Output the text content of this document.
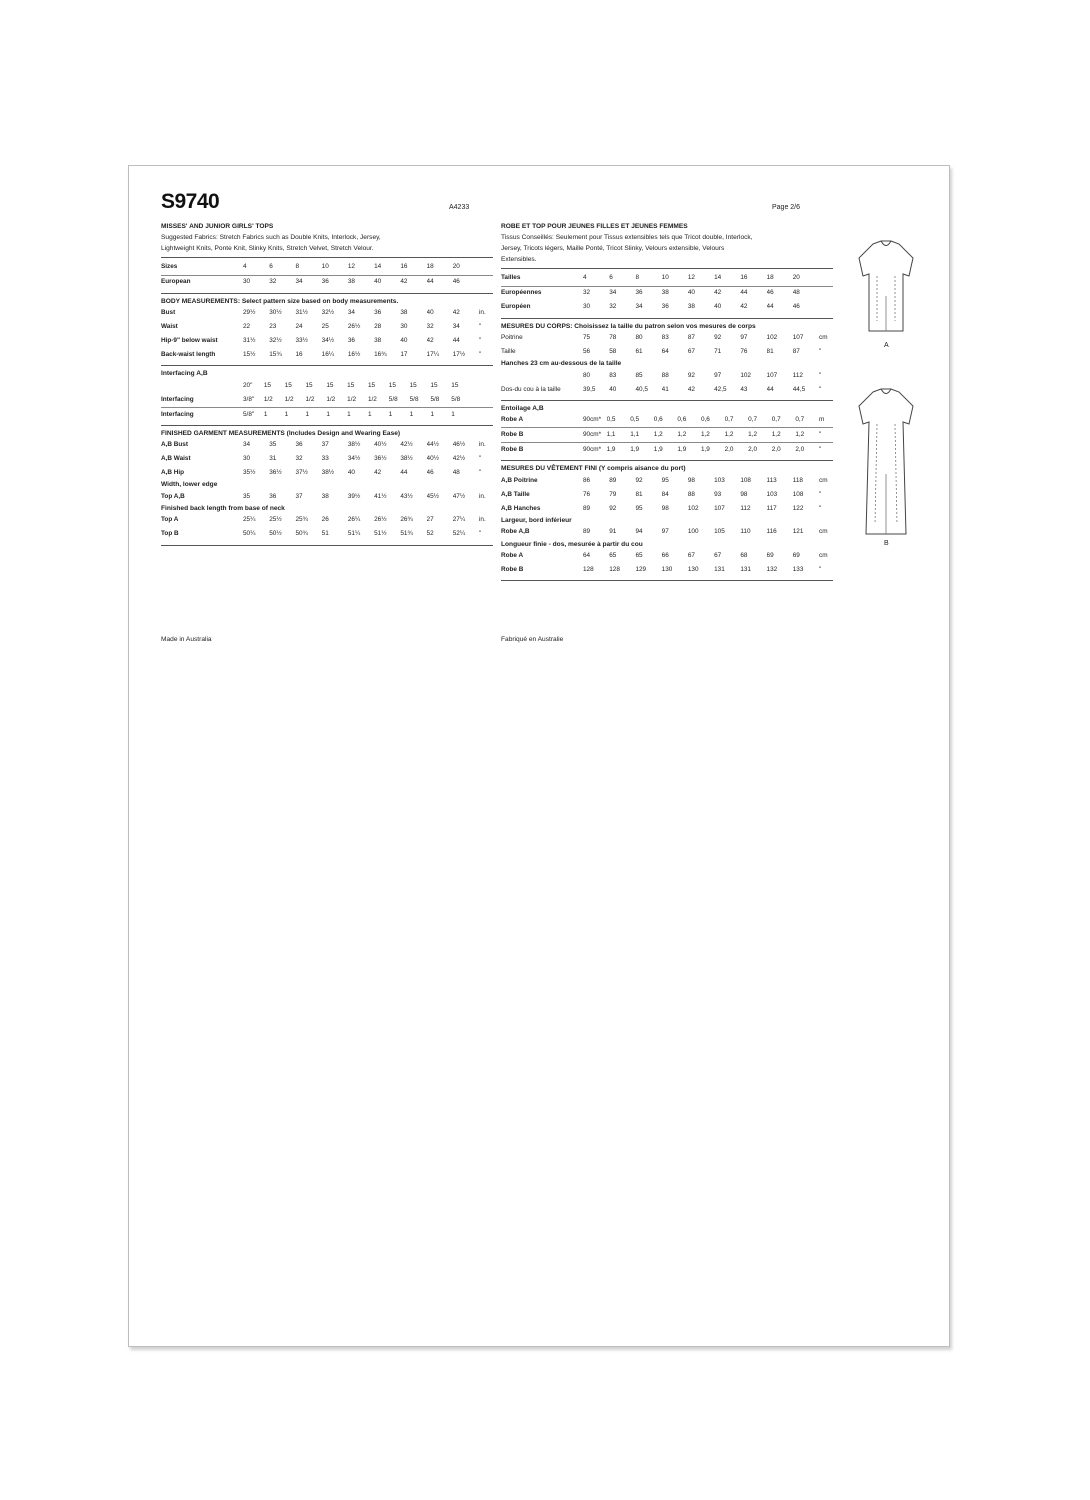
S9740	A4233	Page 2/6
MISSES' AND JUNIOR GIRLS' TOPS
Suggested Fabrics: Stretch Fabrics such as Double Knits, Interlock, Jersey,
Lightweight Knits, Ponte Knit, Slinky Knits, Stretch Velvet, Stretch Velour.
Sizes	4	6	8	10	12	14	16	18	20	
European	30	32	34	36	38	40	42	44	46	
BODY MEASUREMENTS: Select pattern size based on body measurements.
Bust	29½	30½	31½	32½	34	36	38	40	42	in.
Waist	22	23	24	25	26½	28	30	32	34	"
Hip-9" below waist	31½	32½	33½	34½	36	38	40	42	44	"
Back-waist length	15½	15¾	16	16¼	16½	16¾	17	17¼	17½	"
Interfacing A,B
	20"	15	15	15	15	15	15	15	15	15	15	
Interfacing	3/8"	1/2	1/2	1/2	1/2	1/2	1/2	5/8	5/8	5/8	5/8	
Interfacing	5/8"	1	1	1	1	1	1	1	1	1	1	
FINISHED GARMENT MEASUREMENTS (Includes Design and Wearing Ease)
A,B Bust	34	35	36	37	38½	40½	42½	44½	46½	in.
A,B Waist	30	31	32	33	34½	36½	38½	40½	42½	"
A,B Hip	35½	36½	37½	38½	40	42	44	46	48	"
Width, lower edge
Top A,B	35	36	37	38	39½	41½	43½	45½	47½	in.
Finished back length from base of neck
Top A	25¼	25½	25¾	26	26¼	26½	26¾	27	27¼	in.
Top B	50¼	50½	50¾	51	51¼	51½	51¾	52	52¼	"
ROBE ET TOP POUR JEUNES FILLES ET JEUNES FEMMES
Tissus Conseillés: Seulement pour Tissus extensibles tels que Tricot double, Interlock,
Jersey, Tricots légers, Maille Ponté, Tricot Slinky, Velours extensible, Velours
Extensibles.
Tailles	4	6	8	10	12	14	16	18	20	
Européennes	32	34	36	38	40	42	44	46	48	
Européen	30	32	34	36	38	40	42	44	46	
MESURES DU CORPS: Choisissez la taille du patron selon vos mesures de corps
Poitrine	75	78	80	83	87	92	97	102	107	cm
Taille	56	58	61	64	67	71	76	81	87	"
Hanches 23 cm au-dessous de la taille
	80	83	85	88	92	97	102	107	112	"
Dos-du cou à la taille	39,5	40	40,5	41	42	42,5	43	44	44,5	"
Entoilage A,B
Robe A	90cm*	0,5	0,5	0,6	0,6	0,6	0,7	0,7	0,7	0,7	m
Robe B	90cm*	1,1	1,1	1,2	1,2	1,2	1,2	1,2	1,2	1,2	"
Robe B	90cm*	1,9	1,9	1,9	1,9	1,9	2,0	2,0	2,0	2,0	"
MESURES DU VÊTEMENT FINI (Y compris aisance du port)
A,B Poitrine	86	89	92	95	98	103	108	113	118	cm
A,B Taille	76	79	81	84	88	93	98	103	108	"
A,B Hanches	89	92	95	98	102	107	112	117	122	"
Largeur, bord inférieur
Robe A,B	89	91	94	97	100	105	110	116	121	cm
Longueur finie - dos, mesurée à partir du cou
Robe A	64	65	65	66	67	67	68	69	69	cm
Robe B	128	128	129	130	130	131	131	132	133	"
Made in Australia	Fabriqué en Australie
A
B
